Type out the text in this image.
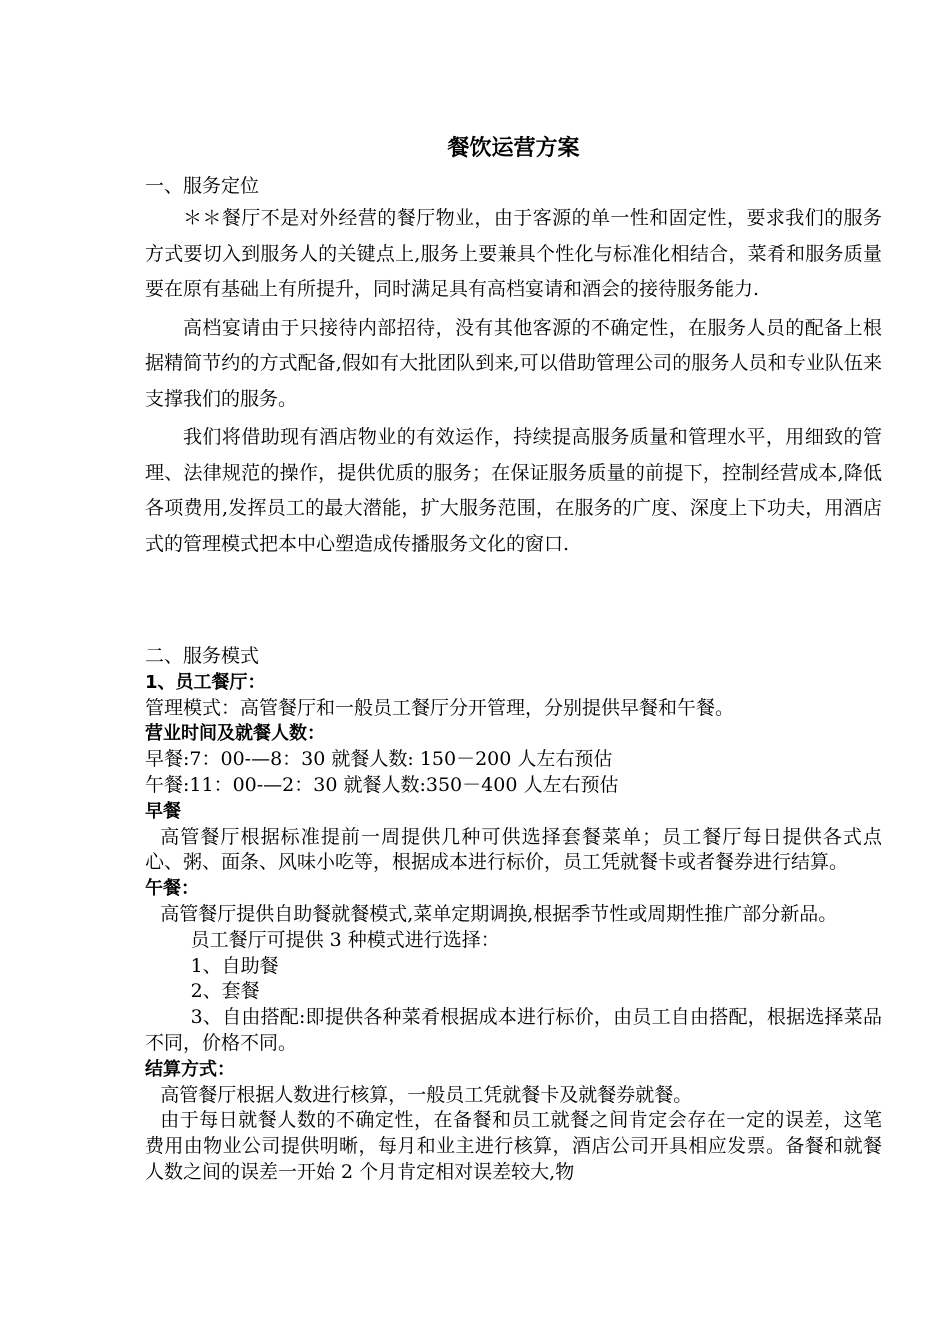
餐饮运营方案

一、服务定位

＊＊餐厅不是对外经营的餐厅物业，由于客源的单一性和固定性，要求我们的服务方式要切入到服务人的关键点上,服务上要兼具个性化与标准化相结合，菜肴和服务质量要在原有基础上有所提升，同时满足具有高档宴请和酒会的接待服务能力.

高档宴请由于只接待内部招待，没有其他客源的不确定性，在服务人员的配备上根据精简节约的方式配备,假如有大批团队到来,可以借助管理公司的服务人员和专业队伍来支撑我们的服务。

我们将借助现有酒店物业的有效运作，持续提高服务质量和管理水平，用细致的管理、法律规范的操作，提供优质的服务；在保证服务质量的前提下，控制经营成本,降低各项费用,发挥员工的最大潜能，扩大服务范围，在服务的广度、深度上下功夫，用酒店式的管理模式把本中心塑造成传播服务文化的窗口.

二、服务模式

1、员工餐厅：

管理模式：高管餐厅和一般员工餐厅分开管理，分别提供早餐和午餐。

营业时间及就餐人数：

早餐:7：00-—8：30 就餐人数: 150－200 人左右预估

午餐:11：00-—2：30 就餐人数:350－400 人左右预估

早餐

高管餐厅根据标准提前一周提供几种可供选择套餐菜单；员工餐厅每日提供各式点心、粥、面条、风味小吃等，根据成本进行标价，员工凭就餐卡或者餐券进行结算。

午餐：

高管餐厅提供自助餐就餐模式,菜单定期调换,根据季节性或周期性推广部分新品。

员工餐厅可提供 3 种模式进行选择：

1、自助餐

2、套餐

3、自由搭配:即提供各种菜肴根据成本进行标价，由员工自由搭配，根据选择菜品不同，价格不同。

结算方式：

高管餐厅根据人数进行核算，一般员工凭就餐卡及就餐券就餐。

由于每日就餐人数的不确定性，在备餐和员工就餐之间肯定会存在一定的误差，这笔费用由物业公司提供明晰，每月和业主进行核算，酒店公司开具相应发票。备餐和就餐人数之间的误差一开始 2 个月肯定相对误差较大,物
